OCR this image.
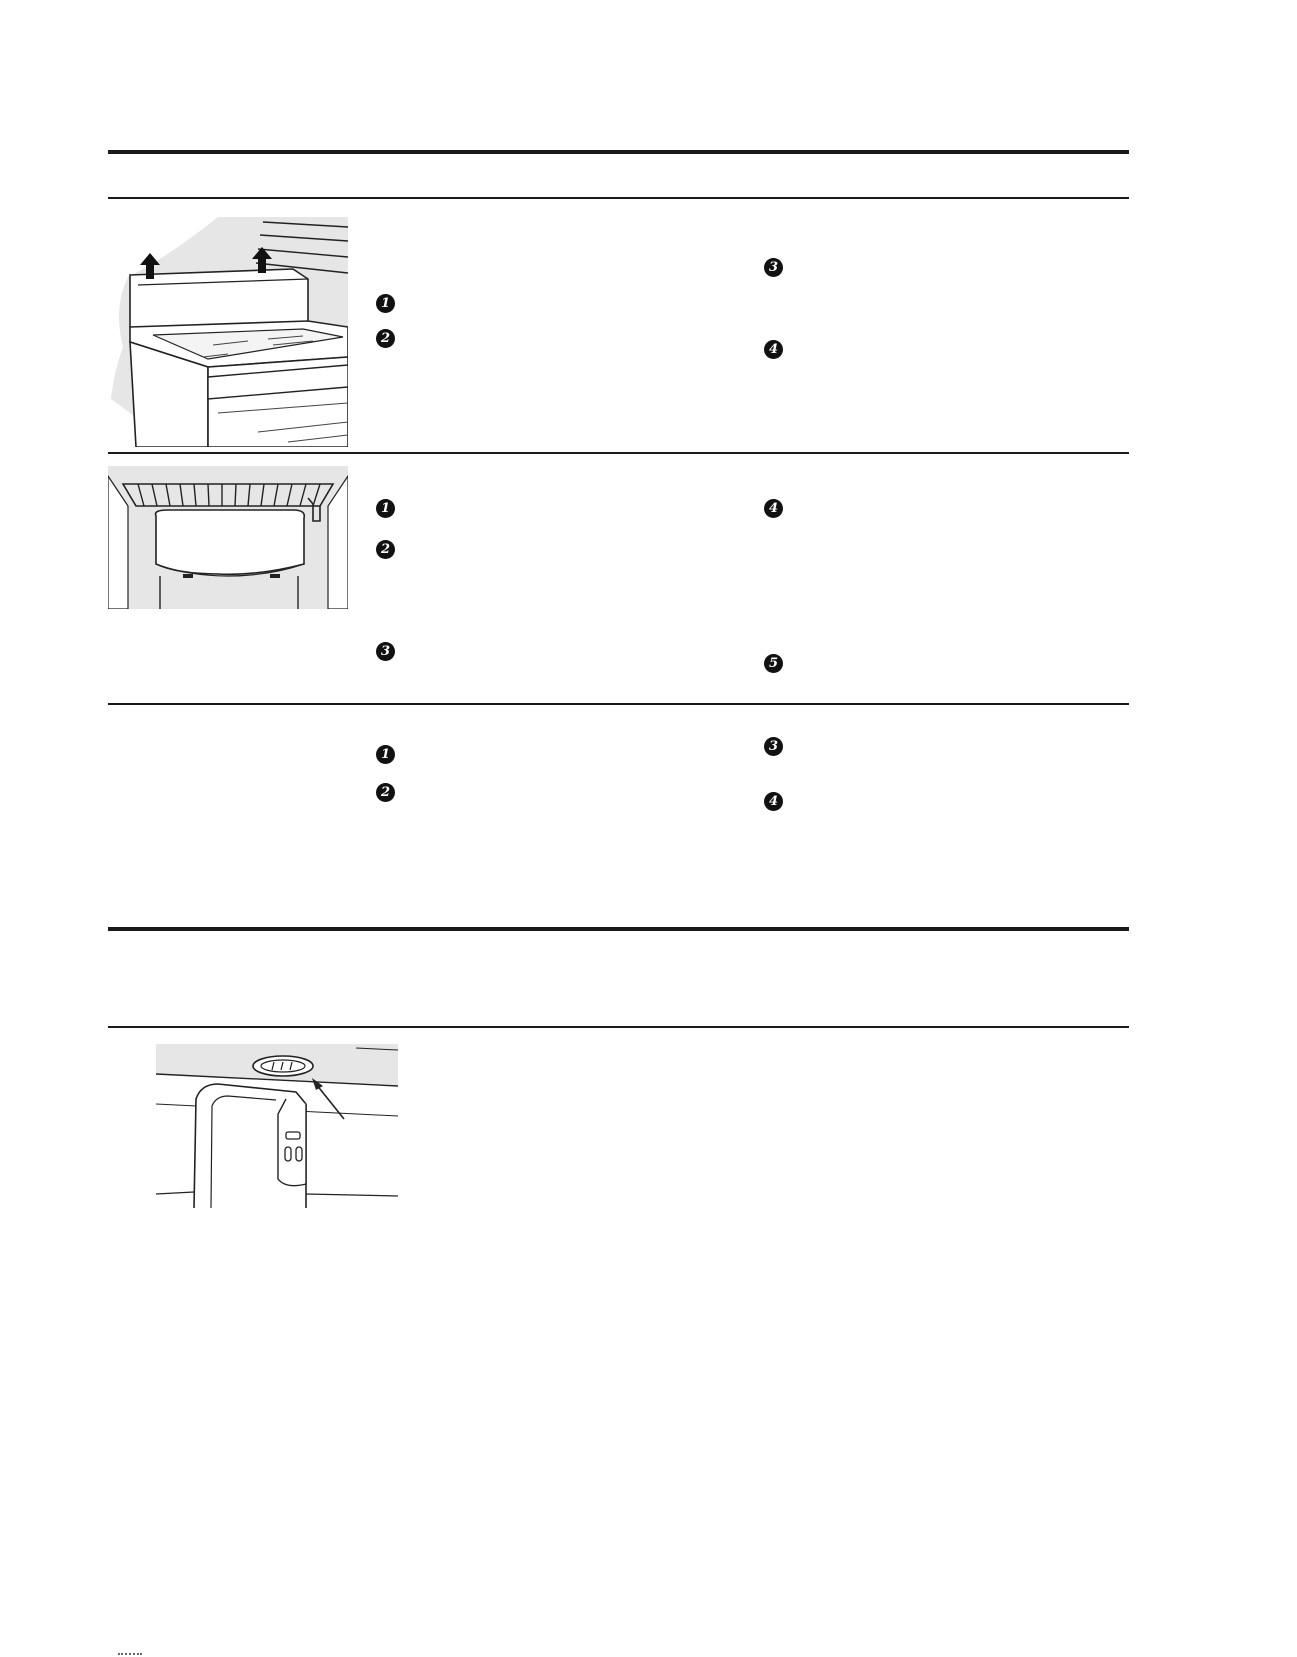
1
2
3
4
1
2
3
4
5
1
2
3
4
